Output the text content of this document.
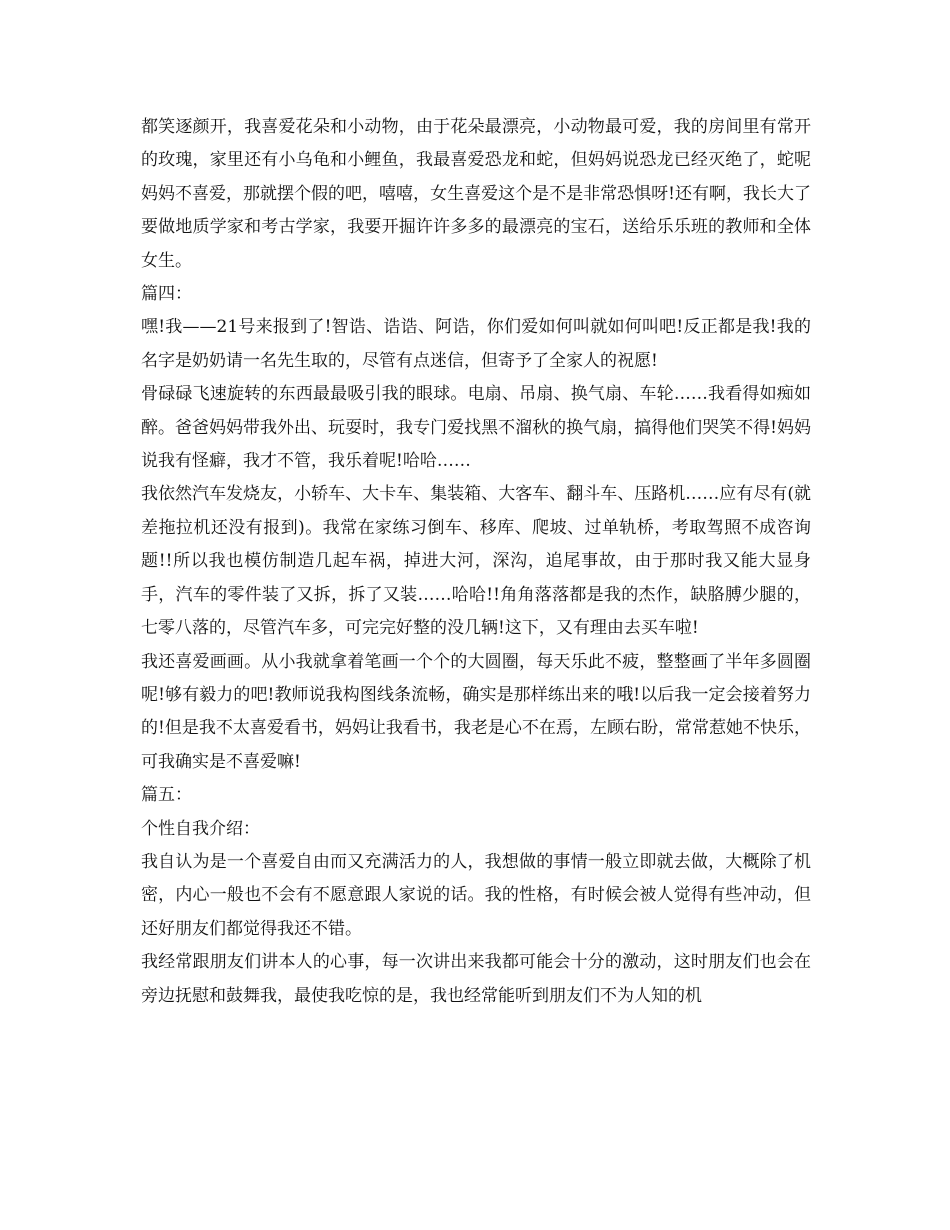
都笑逐颜开，我喜爱花朵和小动物，由于花朵最漂亮，小动物最可爱，我的房间里有常开的玫瑰，家里还有小乌龟和小鲤鱼，我最喜爱恐龙和蛇，但妈妈说恐龙已经灭绝了，蛇呢妈妈不喜爱，那就摆个假的吧，嘻嘻，女生喜爱这个是不是非常恐惧呀!还有啊，我长大了要做地质学家和考古学家，我要开掘许许多多的最漂亮的宝石，送给乐乐班的教师和全体女生。

篇四：

嘿!我——21号来报到了!智诰、诰诰、阿诰，你们爱如何叫就如何叫吧!反正都是我!我的名字是奶奶请一名先生取的，尽管有点迷信，但寄予了全家人的祝愿!

骨碌碌飞速旋转的东西最最吸引我的眼球。电扇、吊扇、换气扇、车轮……我看得如痴如醉。爸爸妈妈带我外出、玩耍时，我专门爱找黑不溜秋的换气扇，搞得他们哭笑不得!妈妈说我有怪癖，我才不管，我乐着呢!哈哈……

我依然汽车发烧友，小轿车、大卡车、集装箱、大客车、翻斗车、压路机……应有尽有(就差拖拉机还没有报到)。我常在家练习倒车、移库、爬坡、过单轨桥，考取驾照不成咨询题!!所以我也模仿制造几起车祸，掉进大河，深沟，追尾事故，由于那时我又能大显身手，汽车的零件装了又拆，拆了又装……哈哈!!角角落落都是我的杰作，缺胳膊少腿的，七零八落的，尽管汽车多，可完完好整的没几辆!这下，又有理由去买车啦!

我还喜爱画画。从小我就拿着笔画一个个的大圆圈，每天乐此不疲，整整画了半年多圆圈呢!够有毅力的吧!教师说我构图线条流畅，确实是那样练出来的哦!以后我一定会接着努力的!但是我不太喜爱看书，妈妈让我看书，我老是心不在焉，左顾右盼，常常惹她不快乐，可我确实是不喜爱嘛!

篇五：

个性自我介绍：

我自认为是一个喜爱自由而又充满活力的人，我想做的事情一般立即就去做，大概除了机密，内心一般也不会有不愿意跟人家说的话。我的性格，有时候会被人觉得有些冲动，但还好朋友们都觉得我还不错。

我经常跟朋友们讲本人的心事，每一次讲出来我都可能会十分的激动，这时朋友们也会在旁边抚慰和鼓舞我，最使我吃惊的是，我也经常能听到朋友们不为人知的机
